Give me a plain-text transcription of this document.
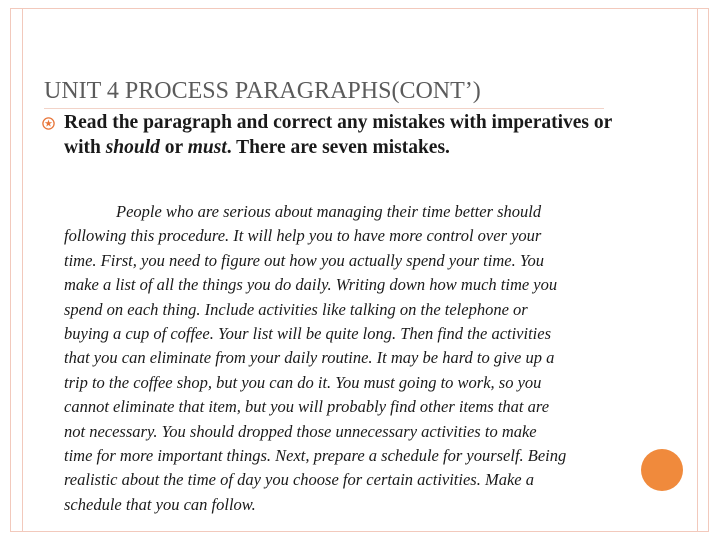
UNIT 4 PROCESS PARAGRAPHS(CONT’)
Read the paragraph and correct any mistakes with imperatives or with should or must. There are seven mistakes.
People who are serious about managing their time better should
following this procedure. It will help you to have more control over your
time. First, you need to figure out how you actually spend your time. You
make a list of all the things you do daily. Writing down how much time you
spend on each thing. Include activities like talking on the telephone or
buying a cup of coffee. Your list will be quite long. Then find the activities
that you can eliminate from your daily routine. It may be hard to give up a
trip to the coffee shop, but you can do it. You must going to work, so you
cannot eliminate that item, but you will probably find other items that are
not necessary. You should dropped those unnecessary activities to make
time for more important things. Next, prepare a schedule for yourself. Being
realistic about the time of day you choose for certain activities. Make a
schedule that you can follow.
